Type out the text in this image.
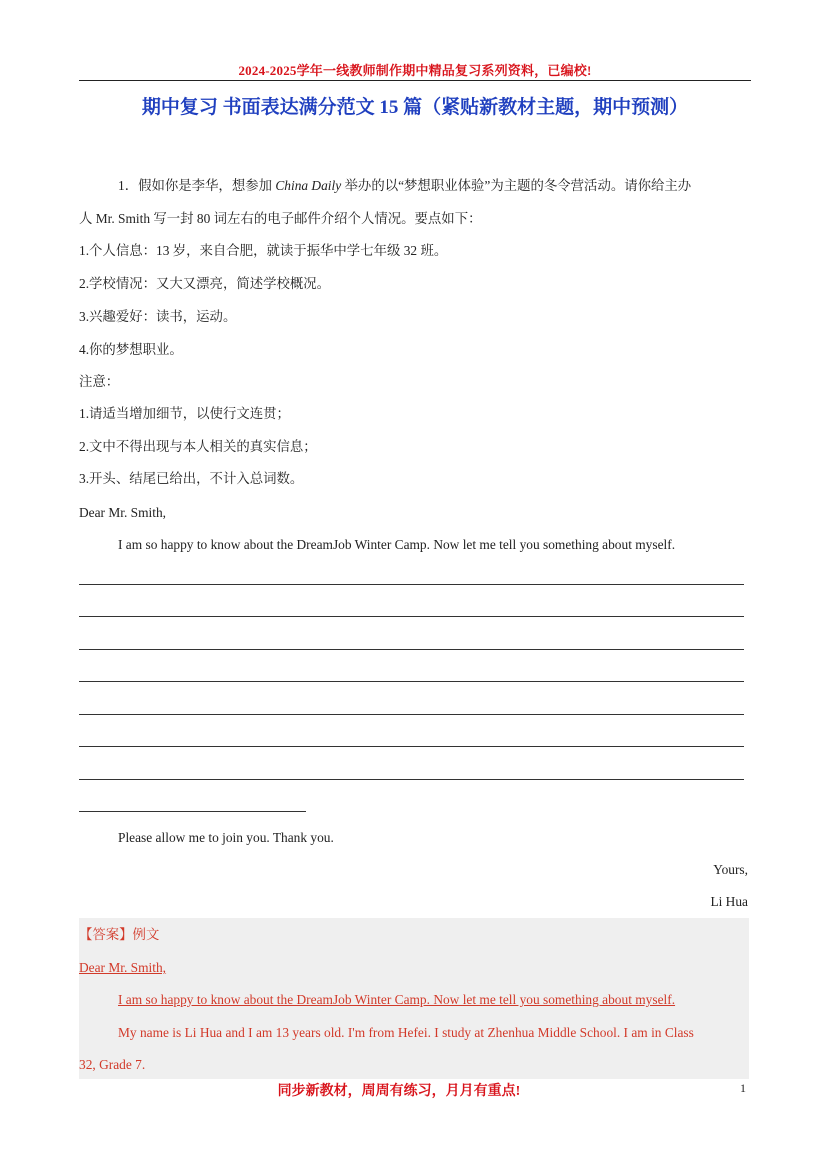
2024-2025学年一线教师制作期中精品复习系列资料，已编校!
期中复习 书面表达满分范文 15 篇（紧贴新教材主题，期中预测）
1．假如你是李华，想参加 China Daily 举办的以“梦想职业体验”为主题的冬令营活动。请你给主办
人 Mr. Smith 写一封 80 词左右的电子邮件介绍个人情况。要点如下：
1.个人信息：13 岁，来自合肥，就读于振华中学七年级 32 班。
2.学校情况：又大又漂亮，简述学校概况。
3.兴趣爱好：读书，运动。
4.你的梦想职业。
注意：
1.请适当增加细节，以使行文连贯；
2.文中不得出现与本人相关的真实信息；
3.开头、结尾已给出，不计入总词数。
Dear Mr. Smith,
I am so happy to know about the DreamJob Winter Camp. Now let me tell you something about myself.
Please allow me to join you. Thank you.
Yours,
Li Hua
【答案】例文
Dear Mr. Smith,
I am so happy to know about the DreamJob Winter Camp. Now let me tell you something about myself.
My name is Li Hua and I am 13 years old. I'm from Hefei. I study at Zhenhua Middle School. I am in Class
32, Grade 7.
同步新教材，周周有练习，月月有重点!	1
